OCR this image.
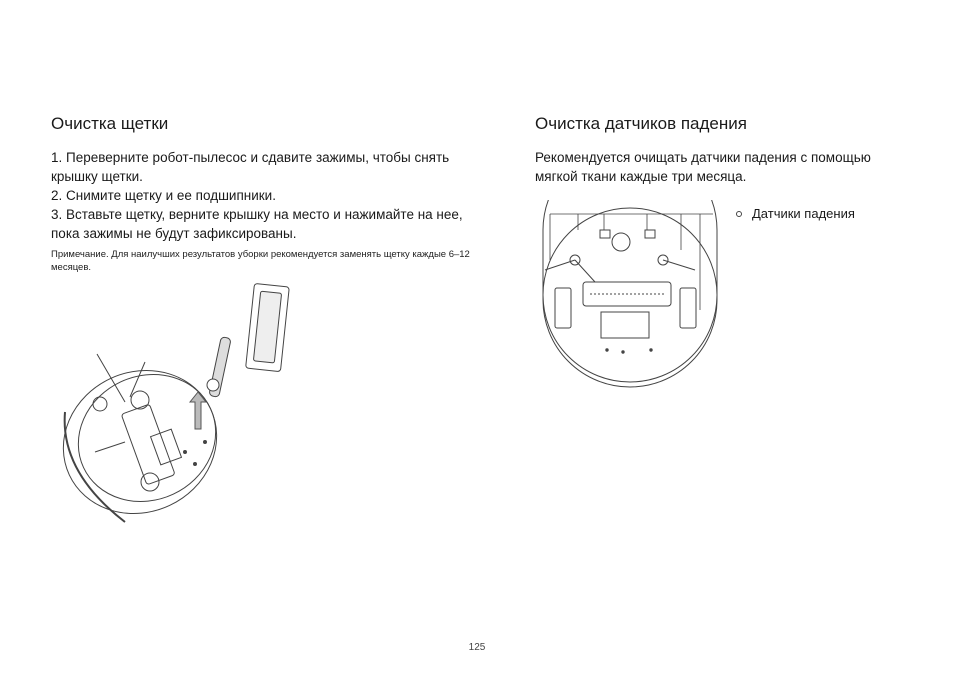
Очистка щетки

1. Переверните робот-пылесос и сдавите зажимы, чтобы снять крышку щетки.

2. Снимите щетку и ее подшипники.

3. Вставьте щетку, верните крышку на место и нажимайте на нее, пока зажимы не будут зафиксированы.

Примечание. Для наилучших результатов уборки рекомендуется заменять щетку каждые 6–12 месяцев.
Очистка датчиков падения

Рекомендуется очищать датчики падения с помощью мягкой ткани каждые три месяца.

Датчики падения
125
